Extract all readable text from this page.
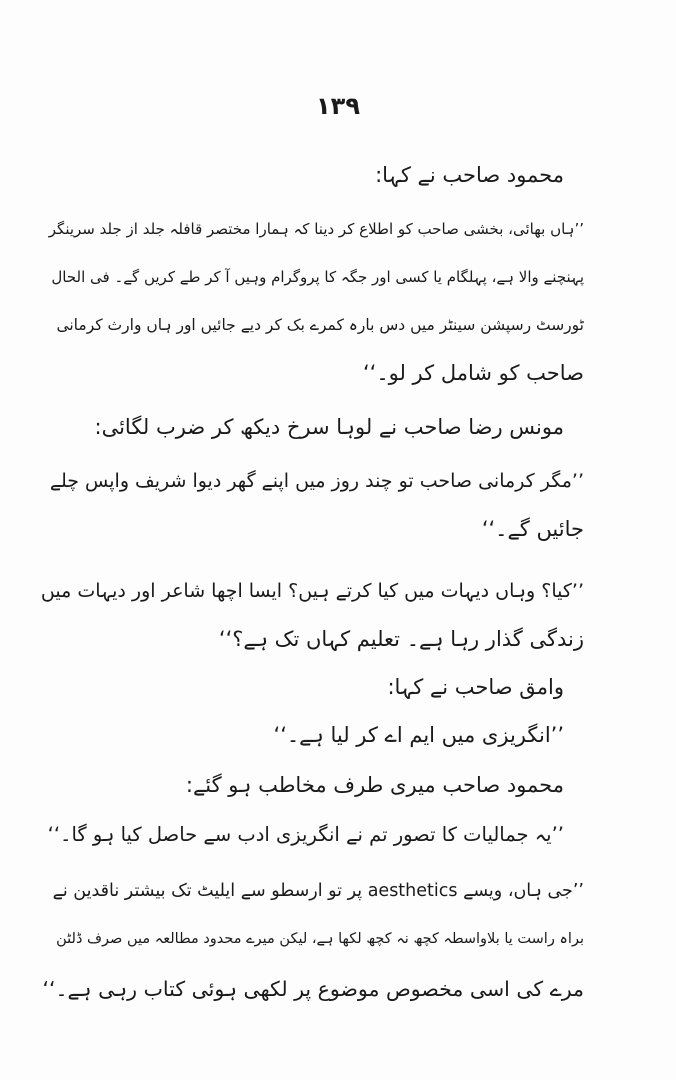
۱۳۹
محمود صاحب نے کہا:
’’ہاں بھائی، بخشی صاحب کو اطلاع کر دینا کہ ہمارا مختصر قافلہ جلد از جلد سرینگر
پہنچنے والا ہے، پہلگام یا کسی اور جگہ کا پروگرام وہیں آ کر طے کریں گے۔ فی الحال
ٹورسٹ رسپشن سینٹر میں دس بارہ کمرے بک کر دیے جائیں اور ہاں وارث کرمانی
صاحب کو شامل کر لو۔‘‘
مونس رضا صاحب نے لوہا سرخ دیکھ کر ضرب لگائی:
’’مگر کرمانی صاحب تو چند روز میں اپنے گھر دیوا شریف واپس چلے
جائیں گے۔‘‘
’’کیا؟ وہاں دیہات میں کیا کرتے ہیں؟ ایسا اچھا شاعر اور دیہات میں
زندگی گذار رہا ہے۔ تعلیم کہاں تک ہے؟‘‘
وامق صاحب نے کہا:
’’انگریزی میں ایم اے کر لیا ہے۔‘‘
محمود صاحب میری طرف مخاطب ہو گئے:
’’یہ جمالیات کا تصور تم نے انگریزی ادب سے حاصل کیا ہو گا۔‘‘
’’جی ہاں، ویسے aesthetics پر تو ارسطو سے ایلیٹ تک بیشتر ناقدین نے
براہ راست یا بلاواسطہ کچھ نہ کچھ لکھا ہے، لیکن میرے محدود مطالعہ میں صرف ڈلٹن
مرے کی اسی مخصوص موضوع پر لکھی ہوئی کتاب رہی ہے۔‘‘
